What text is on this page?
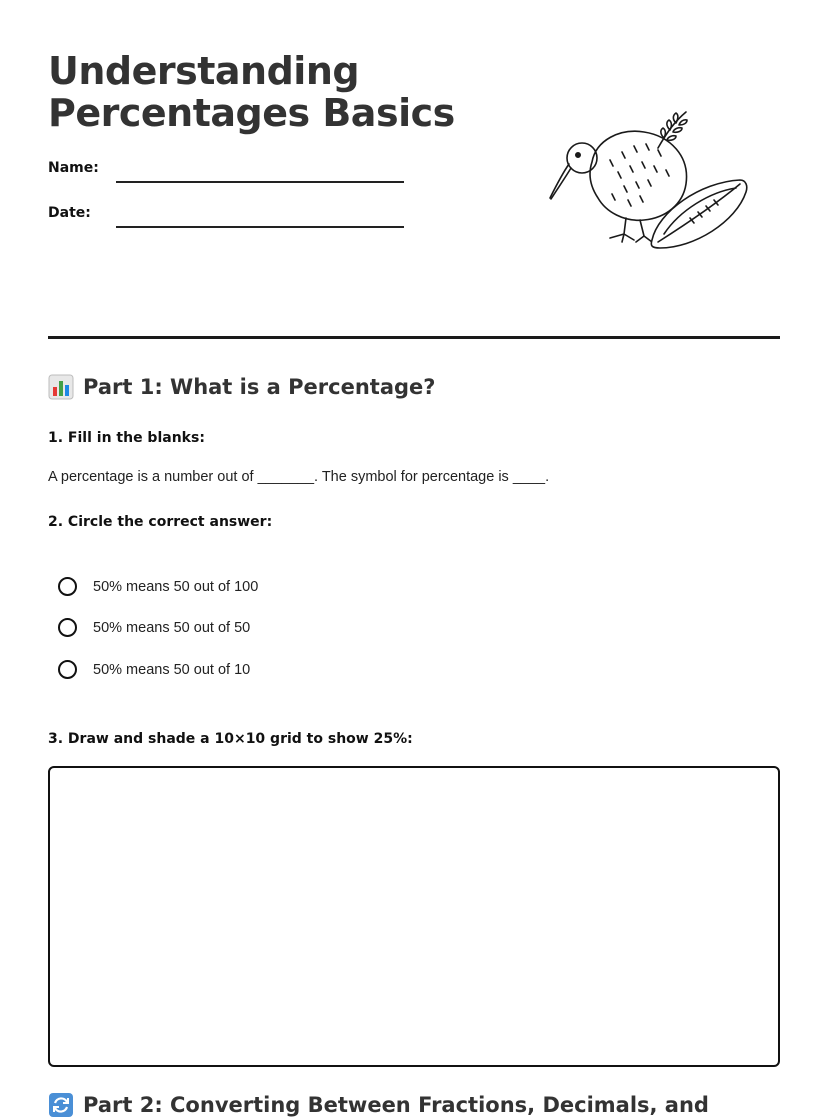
Understanding
Percentages Basics
Name:
Date:
Part 1: What is a Percentage?

1. Fill in the blanks:

A percentage is a number out of _______. The symbol for percentage is ____.

2. Circle the correct answer:

50% means 50 out of 100
50% means 50 out of 50
50% means 50 out of 10

3. Draw and shade a 10×10 grid to show 25%:

Part 2: Converting Between Fractions, Decimals, and
